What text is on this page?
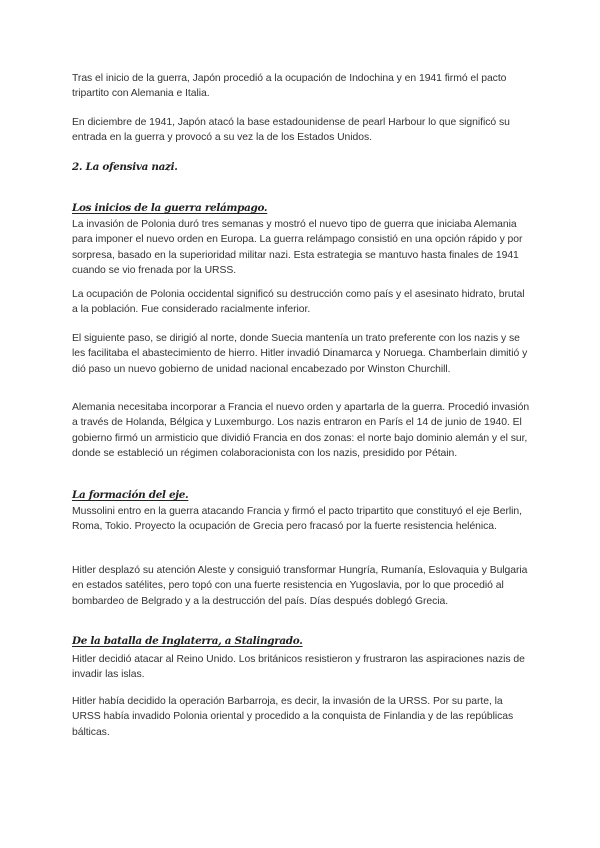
Tras el inicio de la guerra, Japón procedió a la ocupación de Indochina y en 1941 firmó el pacto tripartito con Alemania e Italia.

En diciembre de 1941, Japón atacó la base estadounidense de pearl Harbour lo que significó su entrada en la guerra y provocó a su vez la de los Estados Unidos.

2. La ofensiva nazi.
Los inicios de la guerra relámpago.

La invasión de Polonia duró tres semanas y mostró el nuevo tipo de guerra que iniciaba Alemania para imponer el nuevo orden en Europa. La guerra relámpago consistió en una opción rápido y por sorpresa, basado en la superioridad militar nazi. Esta estrategia se mantuvo hasta finales de 1941 cuando se vio frenada por la URSS.

La ocupación de Polonia occidental significó su destrucción como país y el asesinato hidrato, brutal a la población. Fue considerado racialmente inferior.

El siguiente paso, se dirigió al norte, donde Suecia mantenía un trato preferente con los nazis y se les facilitaba el abastecimiento de hierro. Hitler invadió Dinamarca y Noruega. Chamberlain dimitió y dió paso un nuevo gobierno de unidad nacional encabezado por Winston Churchill.

Alemania necesitaba incorporar a Francia el nuevo orden y apartarla de la guerra. Procedió invasión a través de Holanda, Bélgica y Luxemburgo. Los nazis entraron en París el 14 de junio de 1940. El gobierno firmó un armisticio que dividió Francia en dos zonas: el norte bajo dominio alemán y el sur, donde se estableció un régimen colaboracionista con los nazis, presidido por Pétain.

La formación del eje.

Mussolini entro en la guerra atacando Francia y firmó el pacto tripartito que constituyó el eje Berlin, Roma, Tokio. Proyecto la ocupación de Grecia pero fracasó por la fuerte resistencia helénica.

Hitler desplazó su atención Aleste y consiguió transformar Hungría, Rumanía, Eslovaquia y Bulgaria en estados satélites, pero topó con una fuerte resistencia en Yugoslavia, por lo que procedió al bombardeo de Belgrado y a la destrucción del país. Días después doblegó Grecia.

De la batalla de Inglaterra, a Stalingrado.

Hitler decidió atacar al Reino Unido. Los británicos resistieron y frustraron las aspiraciones nazis de invadir las islas.

Hitler había decidido la operación Barbarroja, es decir, la invasión de la URSS. Por su parte, la URSS había invadido Polonia oriental y procedido a la conquista de Finlandia y de las repúblicas bálticas.
